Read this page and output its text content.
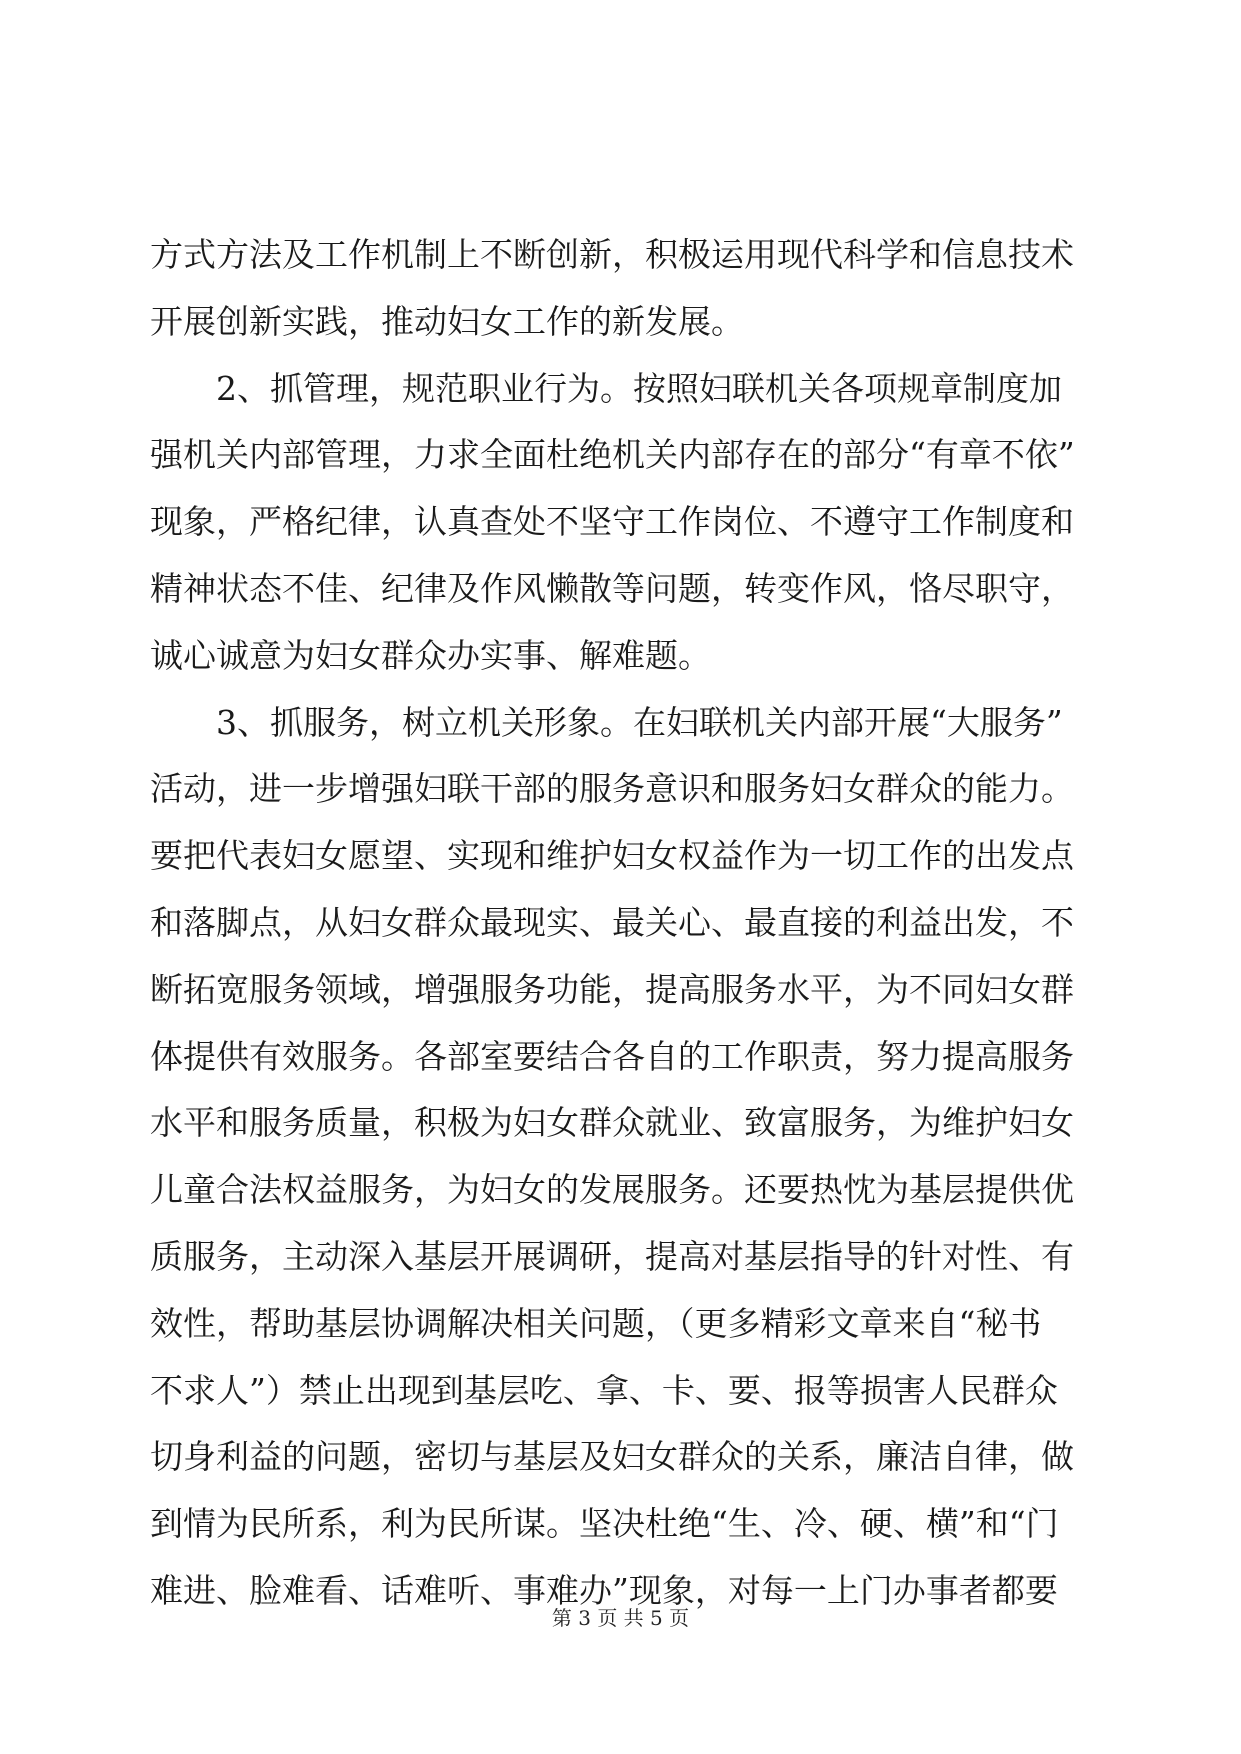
方式方法及工作机制上不断创新，积极运用现代科学和信息技术
开展创新实践，推动妇女工作的新发展。
2、抓管理，规范职业行为。按照妇联机关各项规章制度加
强机关内部管理，力求全面杜绝机关内部存在的部分“有章不依”
现象，严格纪律，认真查处不坚守工作岗位、不遵守工作制度和
精神状态不佳、纪律及作风懒散等问题，转变作风，恪尽职守，
诚心诚意为妇女群众办实事、解难题。
3、抓服务，树立机关形象。在妇联机关内部开展“大服务”
活动，进一步增强妇联干部的服务意识和服务妇女群众的能力。
要把代表妇女愿望、实现和维护妇女权益作为一切工作的出发点
和落脚点，从妇女群众最现实、最关心、最直接的利益出发，不
断拓宽服务领域，增强服务功能，提高服务水平，为不同妇女群
体提供有效服务。各部室要结合各自的工作职责，努力提高服务
水平和服务质量，积极为妇女群众就业、致富服务，为维护妇女
儿童合法权益服务，为妇女的发展服务。还要热忱为基层提供优
质服务，主动深入基层开展调研，提高对基层指导的针对性、有
效性，帮助基层协调解决相关问题，（更多精彩文章来自“秘书
不求人”）禁止出现到基层吃、拿、卡、要、报等损害人民群众
切身利益的问题，密切与基层及妇女群众的关系，廉洁自律，做
到情为民所系，利为民所谋。坚决杜绝“生、冷、硬、横”和“门
难进、脸难看、话难听、事难办”现象，对每一上门办事者都要
第 3 页 共 5 页
